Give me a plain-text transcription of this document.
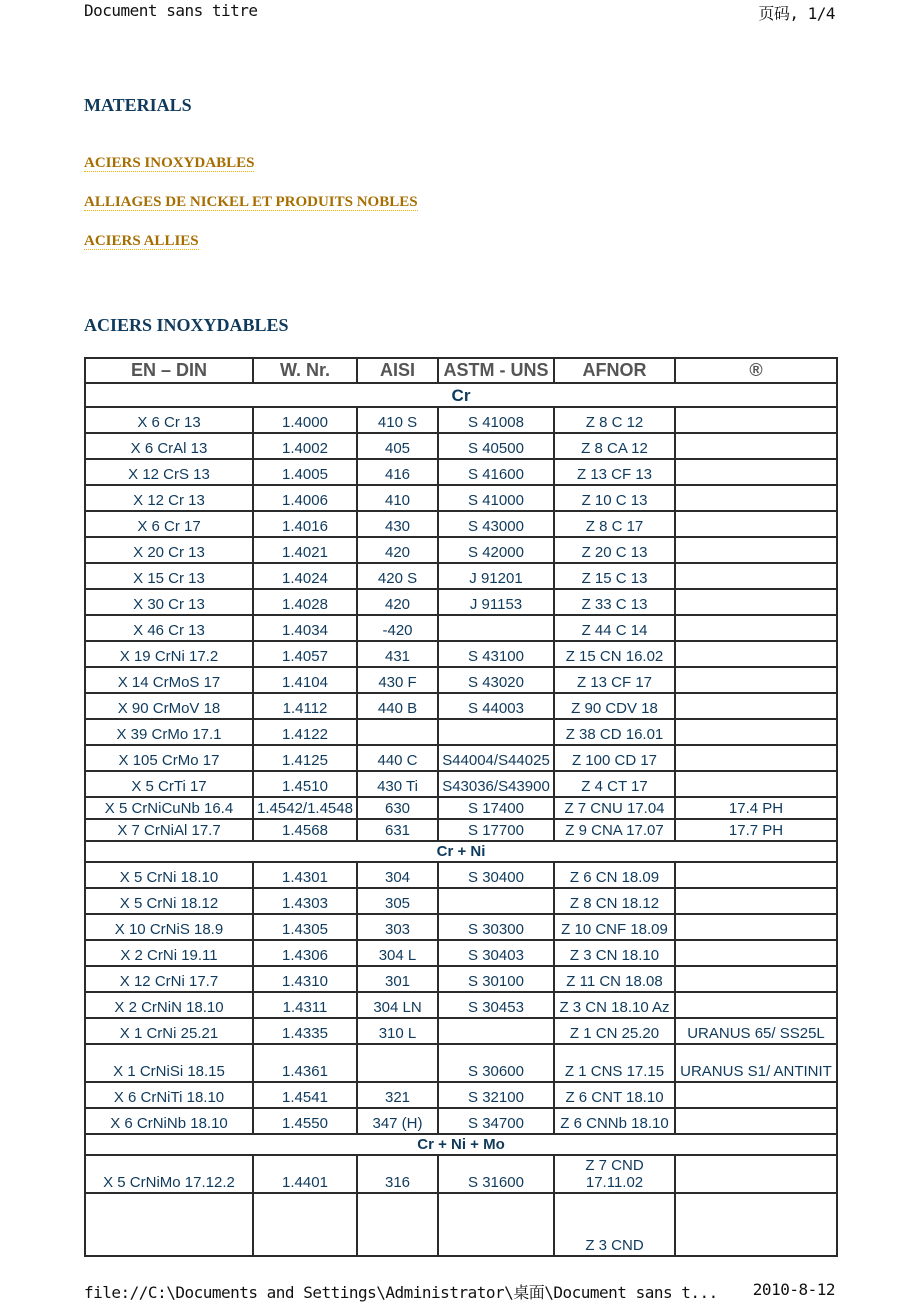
Document sans titre	页码, 1/4
MATERIALS
ACIERS INOXYDABLES
ALLIAGES DE NICKEL ET PRODUITS NOBLES
ACIERS ALLIES
ACIERS INOXYDABLES
EN – DIN	W. Nr.	AISI	ASTM - UNS	AFNOR	®
Cr					
X 6 Cr 13	1.4000	410 S	S 41008	Z 8 C 12	
X 6 CrAl 13	1.4002	405	S 40500	Z 8 CA 12	
X 12 CrS 13	1.4005	416	S 41600	Z 13 CF 13	
X 12 Cr 13	1.4006	410	S 41000	Z 10 C 13	
X 6 Cr 17	1.4016	430	S 43000	Z 8 C 17	
X 20 Cr 13	1.4021	420	S 42000	Z 20 C 13	
X 15 Cr 13	1.4024	420 S	J 91201	Z 15 C 13	
X 30 Cr 13	1.4028	420	J 91153	Z 33 C 13	
X 46 Cr 13	1.4034	-420		Z 44 C 14	
X 19 CrNi 17.2	1.4057	431	S 43100	Z 15 CN 16.02	
X 14 CrMoS 17	1.4104	430 F	S 43020	Z 13 CF 17	
X 90 CrMoV 18	1.4112	440 B	S 44003	Z 90 CDV 18	
X 39 CrMo 17.1	1.4122			Z 38 CD 16.01	
X 105 CrMo 17	1.4125	440 C	S44004/S44025	Z 100 CD 17	
X 5 CrTi 17	1.4510	430 Ti	S43036/S43900	Z 4 CT 17	
X 5 CrNiCuNb 16.4	1.4542/1.4548	630	S 17400	Z 7 CNU 17.04	17.4 PH
X 7 CrNiAl 17.7	1.4568	631	S 17700	Z 9 CNA 17.07	17.7 PH
Cr + Ni					
X 5 CrNi 18.10	1.4301	304	S 30400	Z 6 CN 18.09	
X 5 CrNi 18.12	1.4303	305		Z 8 CN 18.12	
X 10 CrNiS 18.9	1.4305	303	S 30300	Z 10 CNF 18.09	
X 2 CrNi 19.11	1.4306	304 L	S 30403	Z 3 CN 18.10	
X 12 CrNi 17.7	1.4310	301	S 30100	Z 11 CN 18.08	
X 2 CrNiN 18.10	1.4311	304 LN	S 30453	Z 3 CN 18.10 Az	
X 1 CrNi 25.21	1.4335	310 L		Z 1 CN 25.20	URANUS 65/ SS25L
X 1 CrNiSi 18.15	1.4361		S 30600	Z 1 CNS 17.15	URANUS S1/ ANTINIT
X 6 CrNiTi 18.10	1.4541	321	S 32100	Z 6 CNT 18.10	
X 6 CrNiNb 18.10	1.4550	347 (H)	S 34700	Z 6 CNNb 18.10	
Cr + Ni + Mo					
X 5 CrNiMo 17.12.2	1.4401	316	S 31600	Z 7 CND 17.11.02	
				Z 3 CND	
file://C:\Documents and Settings\Administrator\桌面\Document sans t... 2010-8-12
